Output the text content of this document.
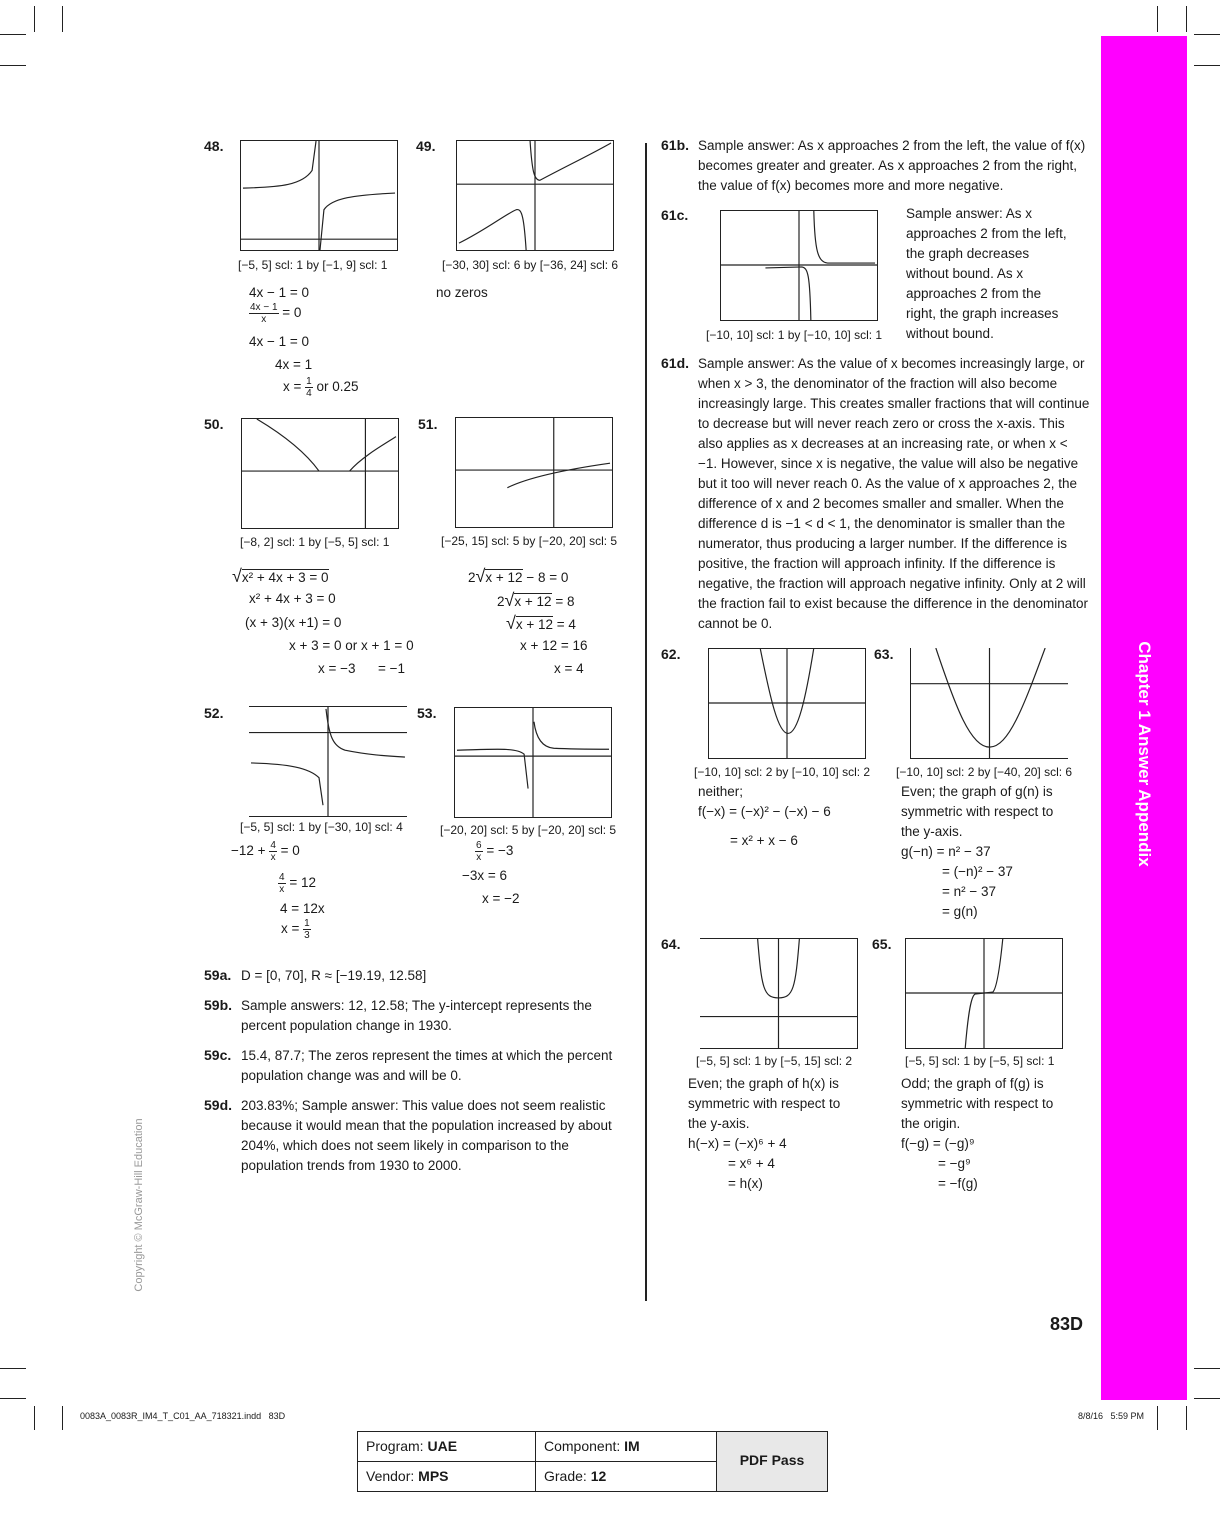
Chapter 1 Answer Appendix
Copyright © McGraw-Hill Education
48.
[−5, 5] scl: 1 by [−1, 9] scl: 1
4x − 1 = 0
$\frac{4x - 1}{x} = 0$
4x − 1 = 0
4x = 1
$x = \frac{1}{4}$ or 0.25
49.
[−30, 30] scl: 6 by [−36, 24] scl: 6
no zeros
50.
[−8, 2] scl: 1 by [−5, 5] scl: 1
√x² + 4x + 3 = 0
x² + 4x + 3 = 0
(x + 3)(x +1) = 0
x + 3 = 0 or x + 1 = 0
x = −3      = −1
51.
[−25, 15] scl: 5 by [−20, 20] scl: 5
2√x + 12 − 8 = 0
2√x + 12 = 8
√x + 12 = 4
x + 12 = 16
x = 4
52.
[−5, 5] scl: 1 by [−30, 10] scl: 4
$-12 + \frac{4}{x} = 0$
$\frac{4}{x} = 12$
4 = 12x
$x = \frac{1}{3}$
53.
[−20, 20] scl: 5 by [−20, 20] scl: 5
$\frac{6}{x} = -3$
−3x = 6
x = −2
59a. D = [0, 70], R ≈ [−19.19, 12.58]
59b. Sample answers: 12, 12.58; The y-intercept represents the percent population change in 1930.
59c. 15.4, 87.7; The zeros represent the times at which the percent population change was and will be 0.
59d. 203.83%; Sample answer: This value does not seem realistic because it would mean that the population increased by about 204%, which does not seem likely in comparison to the population trends from 1930 to 2000.
61b. Sample answer: As x approaches 2 from the left, the value of f(x) becomes greater and greater. As x approaches 2 from the right, the value of f(x) becomes more and more negative.
61c.
[−10, 10] scl: 1 by [−10, 10] scl: 1
Sample answer: As x approaches 2 from the left, the graph decreases without bound. As x approaches 2 from the right, the graph increases without bound.
61d. Sample answer: As the value of x becomes increasingly large, or when x > 3, the denominator of the fraction will also become increasingly large. This creates smaller fractions that will continue to decrease but will never reach zero or cross the x-axis. This also applies as x decreases at an increasing rate, or when x < −1. However, since x is negative, the value will also be negative but it too will never reach 0. As the value of x approaches 2, the difference of x and 2 becomes smaller and smaller. When the difference d is −1 < d < 1, the denominator is smaller than the numerator, thus producing a larger number. If the difference is positive, the fraction will approach infinity. If the difference is negative, the fraction will approach negative infinity. Only at 2 will the fraction fail to exist because the difference in the denominator cannot be 0.
62.
[−10, 10] scl: 2 by [−10, 10] scl: 2
neither;
f(−x) = (−x)² − (−x) − 6
= x² + x − 6
63.
[−10, 10] scl: 2 by [−40, 20] scl: 6
Even; the graph of g(n) is
symmetric with respect to
the y-axis.
g(−n) = n² − 37
= (−n)² − 37
= n² − 37
= g(n)
64.
[−5, 5] scl: 1 by [−5, 15] scl: 2
Even; the graph of h(x) is
symmetric with respect to
the y-axis.
h(−x) = (−x)⁶ + 4
= x⁶ + 4
= h(x)
65.
[−5, 5] scl: 1 by [−5, 5] scl: 1
Odd; the graph of f(g) is
symmetric with respect to
the origin.
f(−g) = (−g)⁹
= −g⁹
= −f(g)
83D
0083A_0083R_IM4_T_C01_AA_718321.indd   83D	8/8/16   5:59 PM
Program: UAE	Component: IM
Vendor: MPS	Grade: 12
PDF Pass
